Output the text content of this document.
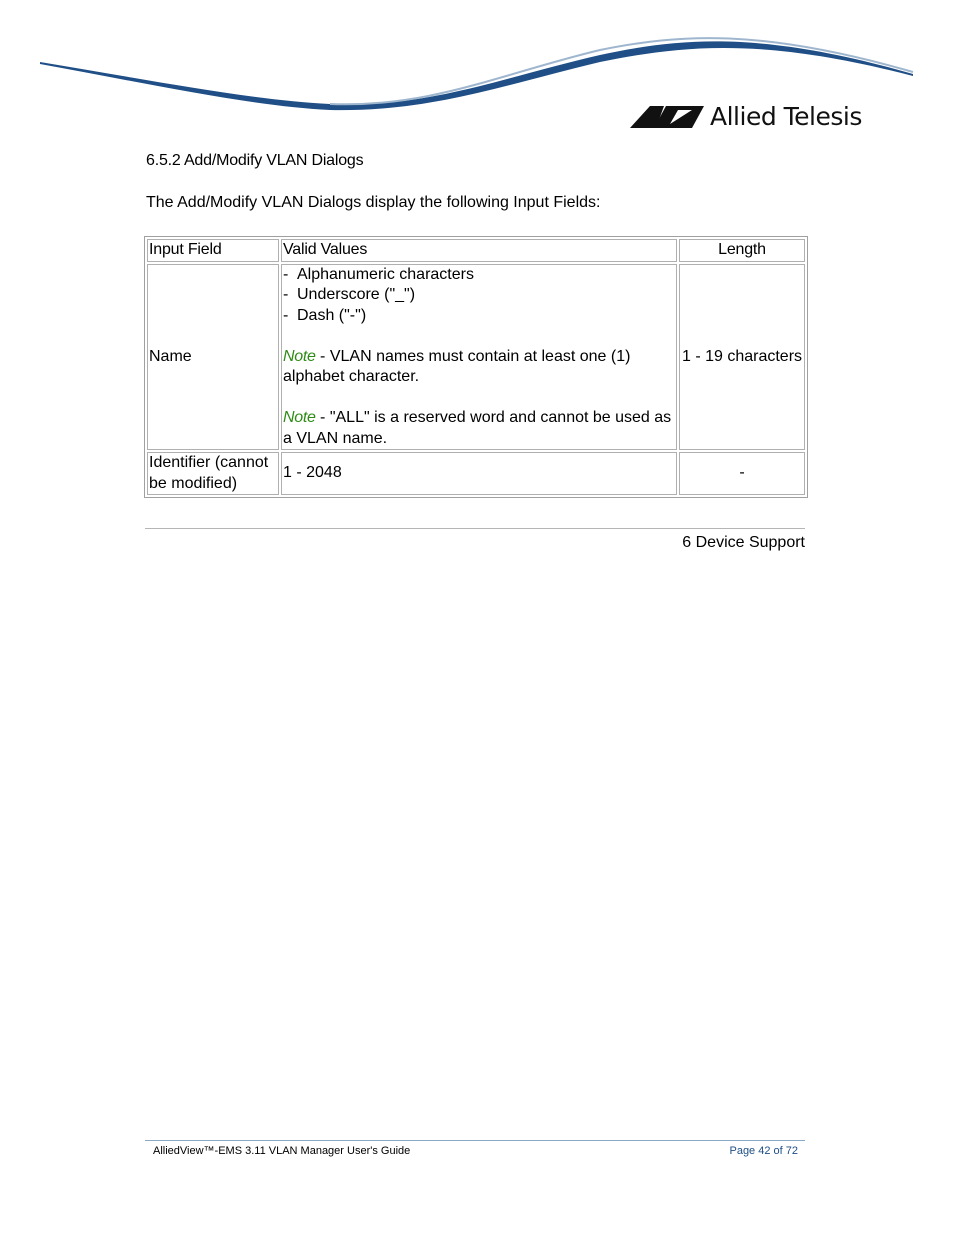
Allied Telesis
6.5.2 Add/Modify VLAN Dialogs

The Add/Modify VLAN Dialogs display the following Input Fields:

Input Field	Valid Values	Length
Name	- Alphanumeric characters
- Underscore ("_")
- Dash ("-")
Note - VLAN names must contain at least one (1) alphabet character.
Note - "ALL" is a reserved word and cannot be used as a VLAN name.	1 - 19 characters
Identifier (cannot be modified)	1 - 2048	-
6 Device Support
AlliedView™-EMS 3.11 VLAN Manager User's Guide	Page 42 of 72
